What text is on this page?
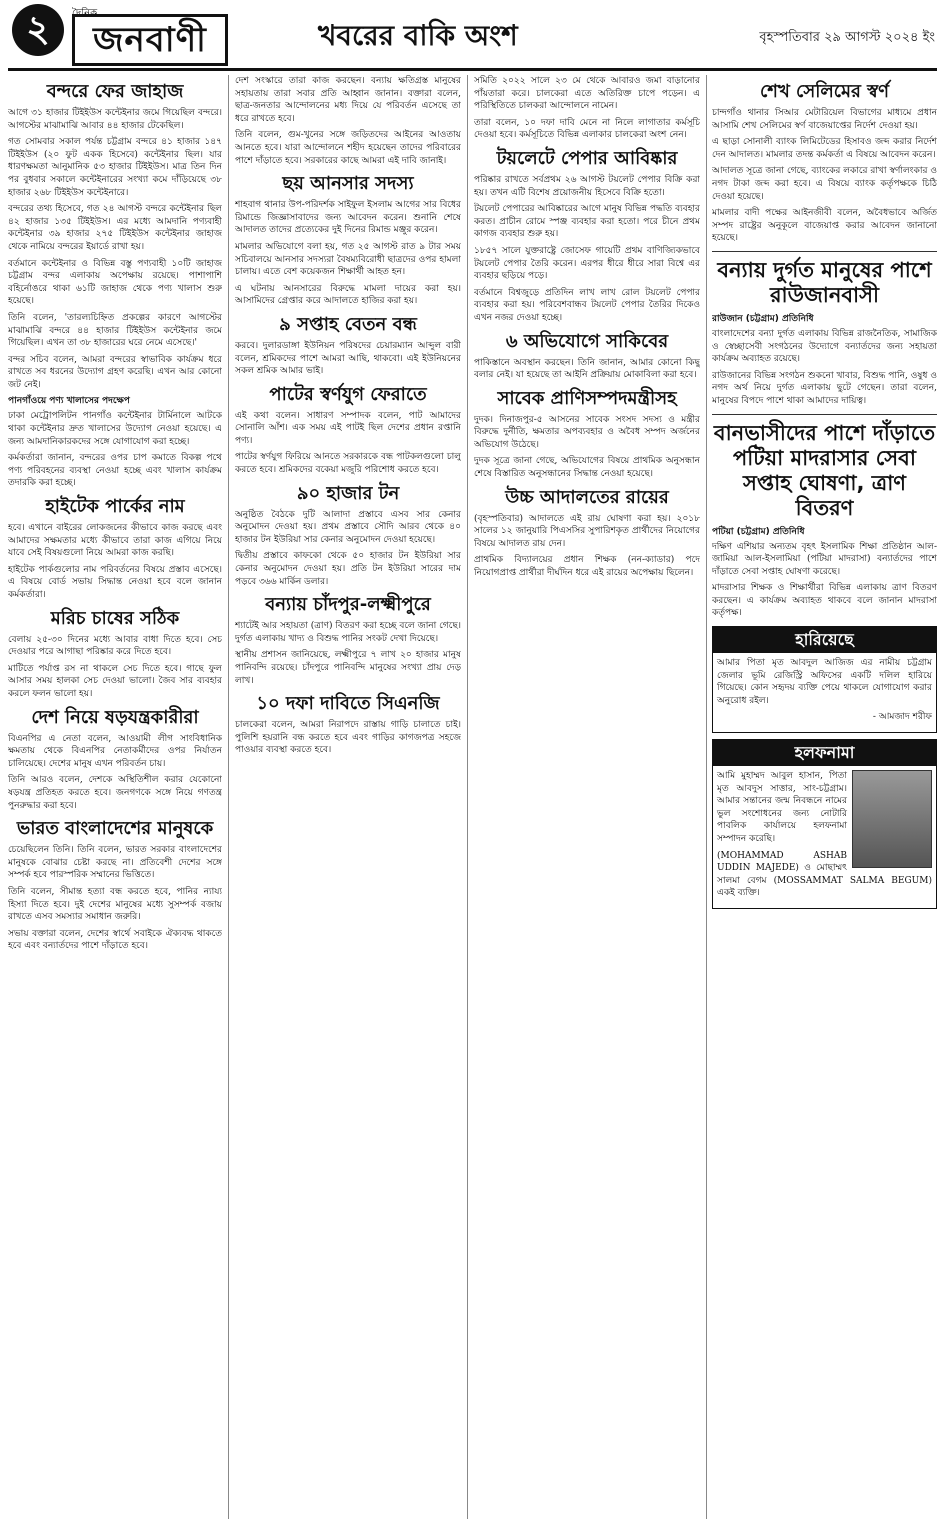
২	দৈনিক
জনবাণী	খবরের বাকি অংশ	বৃহস্পতিবার ২৯ আগস্ট ২০২৪ ইং
বন্দরে ফের জাহাজ

আগে ৩১ হাজার টিইইউস কন্টেইনার জমে গিয়েছিল বন্দরে। আগস্টের মাঝামাঝি আবার ৪৪ হাজার টেকেছিল।

গত সোমবার সকাল পর্যন্ত চট্টগ্রাম বন্দরে ৪১ হাজার ১৪৭ টিইইউস (২০ ফুট একক হিসেবে) কন্টেইনার ছিল। যার ধারণক্ষমতা আনুমানিক ৫৩ হাজার টিইইউস। মাত্র তিন দিন পর বুধবার সকালে কন্টেইনারের সংখ্যা কমে দাঁড়িয়েছে ৩৮ হাজার ২৬৮ টিইইউস কন্টেইনারে।

বন্দরের তথ্য হিসেবে, গত ২৪ আগস্ট বন্দরে কন্টেইনার ছিল ৪২ হাজার ১৩৫ টিইইউস। এর মধ্যে আমদানি পণ্যবাহী কন্টেইনার ৩৯ হাজার ২৭৫ টিইইউস কন্টেইনার জাহাজ থেকে নামিয়ে বন্দরের ইয়ার্ডে রাখা হয়।

বর্তমানে কন্টেইনার ও বিভিন্ন বস্তু পণ্যবাহী ১০টি জাহাজ চট্টগ্রাম বন্দর এলাকায় অপেক্ষায় রয়েছে। পাশাপাশি বহির্নোঙরে থাকা ৬১টি জাহাজ থেকে পণ্য খালাস শুরু হয়েছে।

তিনি বলেন, 'তারল্যচিহ্নিত প্রকল্পের কারণে আগস্টের মাঝামাঝি বন্দরে ৪৪ হাজার টিইইউস কন্টেইনার জমে গিয়েছিল। এখন তা ৩৮ হাজারের ঘরে নেমে এসেছে।'

বন্দর সচিব বলেন, আমরা বন্দরের স্বাভাবিক কার্যক্রম ধরে রাখতে সব ধরনের উদ্যোগ গ্রহণ করেছি। এখন আর কোনো জট নেই।

পানগাঁওয়ে পণ্য খালাসের পদক্ষেপ

ঢাকা মেট্রোপলিটন পানগাঁও কন্টেইনার টার্মিনালে আটকে থাকা কন্টেইনার দ্রুত খালাসের উদ্যোগ নেওয়া হয়েছে। এ জন্য আমদানিকারকদের সঙ্গে যোগাযোগ করা হচ্ছে।

কর্মকর্তারা জানান, বন্দরের ওপর চাপ কমাতে বিকল্প পথে পণ্য পরিবহনের ব্যবস্থা নেওয়া হচ্ছে এবং খালাস কার্যক্রম তদারকি করা হচ্ছে।

হাইটেক পার্কের নাম

হবে। এখানে বাইরের লোকজনের কীভাবে কাজ করছে এবং আমাদের সক্ষমতার মধ্যে কীভাবে তারা কাজ এগিয়ে নিয়ে যাবে সেই বিষয়গুলো নিয়ে আমরা কাজ করছি।

হাইটেক পার্কগুলোর নাম পরিবর্তনের বিষয়ে প্রস্তাব এসেছে। এ বিষয়ে বোর্ড সভায় সিদ্ধান্ত নেওয়া হবে বলে জানান কর্মকর্তারা।

মরিচ চাষের সঠিক

বেলায় ২৫-৩০ দিনের মধ্যে আবার বাধা দিতে হবে। সেচ দেওয়ার পরে আগাছা পরিষ্কার করে দিতে হবে।

মাটিতে পর্যাপ্ত রস না থাকলে সেচ দিতে হবে। গাছে ফুল আসার সময় হালকা সেচ দেওয়া ভালো। জৈব সার ব্যবহার করলে ফলন ভালো হয়।

দেশ নিয়ে ষড়যন্ত্রকারীরা

বিএনপির এ নেতা বলেন, আওয়ামী লীগ সাংবিধানিক ক্ষমতায় থেকে বিএনপির নেতাকর্মীদের ওপর নির্যাতন চালিয়েছে। দেশের মানুষ এখন পরিবর্তন চায়।

তিনি আরও বলেন, দেশকে অস্থিতিশীল করার যেকোনো ষড়যন্ত্র প্রতিহত করতে হবে। জনগণকে সঙ্গে নিয়ে গণতন্ত্র পুনরুদ্ধার করা হবে।

ভারত বাংলাদেশের মানুষকে

চেয়েছিলেন তিনি। তিনি বলেন, ভারত সরকার বাংলাদেশের মানুষকে বোঝার চেষ্টা করছে না। প্রতিবেশী দেশের সঙ্গে সম্পর্ক হবে পারস্পরিক সম্মানের ভিত্তিতে।

তিনি বলেন, সীমান্ত হত্যা বন্ধ করতে হবে, পানির ন্যায্য হিস্যা দিতে হবে। দুই দেশের মানুষের মধ্যে সুসম্পর্ক বজায় রাখতে এসব সমস্যার সমাধান জরুরি।

সভায় বক্তারা বলেন, দেশের স্বার্থে সবাইকে ঐক্যবদ্ধ থাকতে হবে এবং বন্যার্তদের পাশে দাঁড়াতে হবে।

দেশ সংস্কারে তারা কাজ করছেন। বন্যায় ক্ষতিগ্রস্ত মানুষের সহায়তায় তারা সবার প্রতি আহ্বান জানান। বক্তারা বলেন, ছাত্র-জনতার আন্দোলনের মধ্য দিয়ে যে পরিবর্তন এসেছে তা ধরে রাখতে হবে।

তিনি বলেন, গুম-খুনের সঙ্গে জড়িতদের আইনের আওতায় আনতে হবে। যারা আন্দোলনে শহীদ হয়েছেন তাদের পরিবারের পাশে দাঁড়াতে হবে। সরকারের কাছে আমরা এই দাবি জানাই।

ছয় আনসার সদস্য

শাহবাগ থানার উপ-পরিদর্শক সাইফুল ইসলাম আগের সার বিধের রিমান্ডে জিজ্ঞাসাবাদের জন্য আবেদন করেন। শুনানি শেষে আদালত তাদের প্রত্যেকের দুই দিনের রিমান্ড মঞ্জুর করেন।

মামলার অভিযোগে বলা হয়, গত ২৫ আগস্ট রাত ৯ টার সময় সচিবালয়ে আনসার সদস্যরা বৈষম্যবিরোধী ছাত্রদের ওপর হামলা চালায়। এতে বেশ কয়েকজন শিক্ষার্থী আহত হন।

এ ঘটনায় আনসারের বিরুদ্ধে মামলা দায়ের করা হয়। আসামিদের গ্রেপ্তার করে আদালতে হাজির করা হয়।

৯ সপ্তাহ বেতন বন্ধ

করবে। দুলারডাঙ্গা ইউনিয়ন পরিষদের চেয়ারম্যান আব্দুল বারী বলেন, শ্রমিকদের পাশে আমরা আছি, থাকবো। এই ইউনিয়নের সকল শ্রমিক আমার ভাই।

পাটের স্বর্ণযুগ ফেরাতে

এই কথা বলেন। সাধারণ সম্পাদক বলেন, পাট আমাদের সোনালি আঁশ। এক সময় এই পাটই ছিল দেশের প্রধান রপ্তানি পণ্য।

পাটের স্বর্ণযুগ ফিরিয়ে আনতে সরকারকে বন্ধ পাটকলগুলো চালু করতে হবে। শ্রমিকদের বকেয়া মজুরি পরিশোধ করতে হবে।

৯০ হাজার টন

অনুষ্ঠিত বৈঠকে দুটি আলাদা প্রস্তাবে এসব সার কেনার অনুমোদন দেওয়া হয়। প্রথম প্রস্তাবে সৌদি আরব থেকে ৪০ হাজার টন ইউরিয়া সার কেনার অনুমোদন দেওয়া হয়েছে।

দ্বিতীয় প্রস্তাবে কাফকো থেকে ৫০ হাজার টন ইউরিয়া সার কেনার অনুমোদন দেওয়া হয়। প্রতি টন ইউরিয়া সারের দাম পড়বে ৩৬৬ মার্কিন ডলার।

বন্যায় চাঁদপুর-লক্ষ্মীপুরে

শ্যাটেই আর সহায়তা (ত্রাণ) বিতরণ করা হচ্ছে বলে জানা গেছে। দুর্গত এলাকায় খাদ্য ও বিশুদ্ধ পানির সংকট দেখা দিয়েছে।

স্থানীয় প্রশাসন জানিয়েছে, লক্ষ্মীপুরে ৭ লাখ ২০ হাজার মানুষ পানিবন্দি রয়েছে। চাঁদপুরে পানিবন্দি মানুষের সংখ্যা প্রায় দেড় লাখ।

১০ দফা দাবিতে সিএনজি

চালকেরা বলেন, আমরা নিরাপদে রাস্তায় গাড়ি চালাতে চাই। পুলিশি হয়রানি বন্ধ করতে হবে এবং গাড়ির কাগজপত্র সহজে পাওয়ার ব্যবস্থা করতে হবে।

সমিতি ২০২২ সালে ২৩ মে থেকে আবারও জমা বাড়ানোর পাঁয়তারা করে। চালকেরা এতে অতিরিক্ত চাপে পড়েন। এ পরিস্থিতিতে চালকরা আন্দোলনে নামেন।

তারা বলেন, ১০ দফা দাবি মেনে না নিলে লাগাতার কর্মসূচি দেওয়া হবে। কর্মসূচিতে বিভিন্ন এলাকার চালকেরা অংশ নেন।

টয়লেটে পেপার আবিষ্কার

পরিষ্কার রাখতে সর্বপ্রথম ২৬ আগস্ট টয়লেট পেপার বিক্রি করা হয়। তখন এটি বিশেষ প্রয়োজনীয় হিসেবে বিক্রি হতো।

টয়লেট পেপারের আবিষ্কারের আগে মানুষ বিভিন্ন পদ্ধতি ব্যবহার করত। প্রাচীন রোমে স্পঞ্জ ব্যবহার করা হতো। পরে চীনে প্রথম কাগজ ব্যবহার শুরু হয়।

১৮৫৭ সালে যুক্তরাষ্ট্রে জোসেফ গায়েটি প্রথম বাণিজ্যিকভাবে টয়লেট পেপার তৈরি করেন। এরপর ধীরে ধীরে সারা বিশ্বে এর ব্যবহার ছড়িয়ে পড়ে।

বর্তমানে বিশ্বজুড়ে প্রতিদিন লাখ লাখ রোল টয়লেট পেপার ব্যবহার করা হয়। পরিবেশবান্ধব টয়লেট পেপার তৈরির দিকেও এখন নজর দেওয়া হচ্ছে।

৬ অভিযোগে সাকিবের

পাকিস্তানে অবস্থান করছেন। তিনি জানান, আমার কোনো কিছু বলার নেই। যা হয়েছে তা আইনি প্রক্রিয়ায় মোকাবিলা করা হবে।

সাবেক প্রাণিসম্পদমন্ত্রীসহ

দুদক। দিনাজপুর-৫ আসনের সাবেক সংসদ সদস্য ও মন্ত্রীর বিরুদ্ধে দুর্নীতি, ক্ষমতার অপব্যবহার ও অবৈধ সম্পদ অর্জনের অভিযোগ উঠেছে।

দুদক সূত্রে জানা গেছে, অভিযোগের বিষয়ে প্রাথমিক অনুসন্ধান শেষে বিস্তারিত অনুসন্ধানের সিদ্ধান্ত নেওয়া হয়েছে।

উচ্চ আদালতের রায়ের

(বৃহস্পতিবার) আদালতে এই রায় ঘোষণা করা হয়। ২০১৮ সালের ১২ জানুয়ারি পিএসসির সুপারিশকৃত প্রার্থীদের নিয়োগের বিষয়ে আদালত রায় দেন।

প্রাথমিক বিদ্যালয়ের প্রধান শিক্ষক (নন-ক্যাডার) পদে নিয়োগপ্রাপ্ত প্রার্থীরা দীর্ঘদিন ধরে এই রায়ের অপেক্ষায় ছিলেন।

শেখ সেলিমের স্বর্ণ

চান্দগাঁও থানার সিআর মেটারিয়েল বিভাগের মাধ্যমে প্রধান আসামি শেখ সেলিমের স্বর্ণ বাজেয়াপ্তের নির্দেশ দেওয়া হয়।

এ ছাড়া সোনালী ব্যাংক লিমিটেডের হিসাবও জব্দ করার নির্দেশ দেন আদালত। মামলার তদন্ত কর্মকর্তা এ বিষয়ে আবেদন করেন।

আদালত সূত্রে জানা গেছে, ব্যাংকের লকারে রাখা স্বর্ণালংকার ও নগদ টাকা জব্দ করা হবে। এ বিষয়ে ব্যাংক কর্তৃপক্ষকে চিঠি দেওয়া হয়েছে।

মামলার বাদী পক্ষের আইনজীবী বলেন, অবৈধভাবে অর্জিত সম্পদ রাষ্ট্রের অনুকূলে বাজেয়াপ্ত করার আবেদন জানানো হয়েছে।

বন্যায় দুর্গত মানুষের পাশে রাউজানবাসী
রাউজান (চট্টগ্রাম) প্রতিনিধি

বাংলাদেশের বন্যা দুর্গত এলাকায় বিভিন্ন রাজনৈতিক, সামাজিক ও স্বেচ্ছাসেবী সংগঠনের উদ্যোগে বন্যার্তদের জন্য সহায়তা কার্যক্রম অব্যাহত রয়েছে।

রাউজানের বিভিন্ন সংগঠন শুকনো খাবার, বিশুদ্ধ পানি, ওষুধ ও নগদ অর্থ নিয়ে দুর্গত এলাকায় ছুটে গেছেন। তারা বলেন, মানুষের বিপদে পাশে থাকা আমাদের দায়িত্ব।

বানভাসীদের পাশে দাঁড়াতে পটিয়া মাদরাসার সেবা সপ্তাহ ঘোষণা, ত্রাণ বিতরণ
পটিয়া (চট্টগ্রাম) প্রতিনিধি

দক্ষিণ এশিয়ার অন্যতম বৃহৎ ইসলামিক শিক্ষা প্রতিষ্ঠান আল-জামিয়া আল-ইসলামিয়া (পটিয়া মাদরাসা) বন্যার্তদের পাশে দাঁড়াতে সেবা সপ্তাহ ঘোষণা করেছে।

মাদরাসার শিক্ষক ও শিক্ষার্থীরা বিভিন্ন এলাকায় ত্রাণ বিতরণ করছেন। এ কার্যক্রম অব্যাহত থাকবে বলে জানান মাদরাসা কর্তৃপক্ষ।

হারিয়েছে

আমার পিতা মৃত আবদুল আজিজ এর নামীয় চট্টগ্রাম জেলার ভূমি রেজিস্ট্রি অফিসের একটি দলিল হারিয়ে গিয়েছে। কোন সহৃদয় ব্যক্তি পেয়ে থাকলে যোগাযোগ করার অনুরোধ রইল।

- আমজাদ শরীফ

হলফনামা

আমি মুহাম্মদ আবুল হাসান, পিতা মৃত আবদুস সাত্তার, সাং-চট্টগ্রাম। আমার সন্তানের জন্ম নিবন্ধনে নামের ভুল সংশোধনের জন্য নোটারি পাবলিক কার্যালয়ে হলফনামা সম্পাদন করেছি।

(MOHAMMAD ASHAB UDDIN MAJEDE) ও মোছাম্মৎ সালমা বেগম (MOSSAMMAT SALMA BEGUM) একই ব্যক্তি।
